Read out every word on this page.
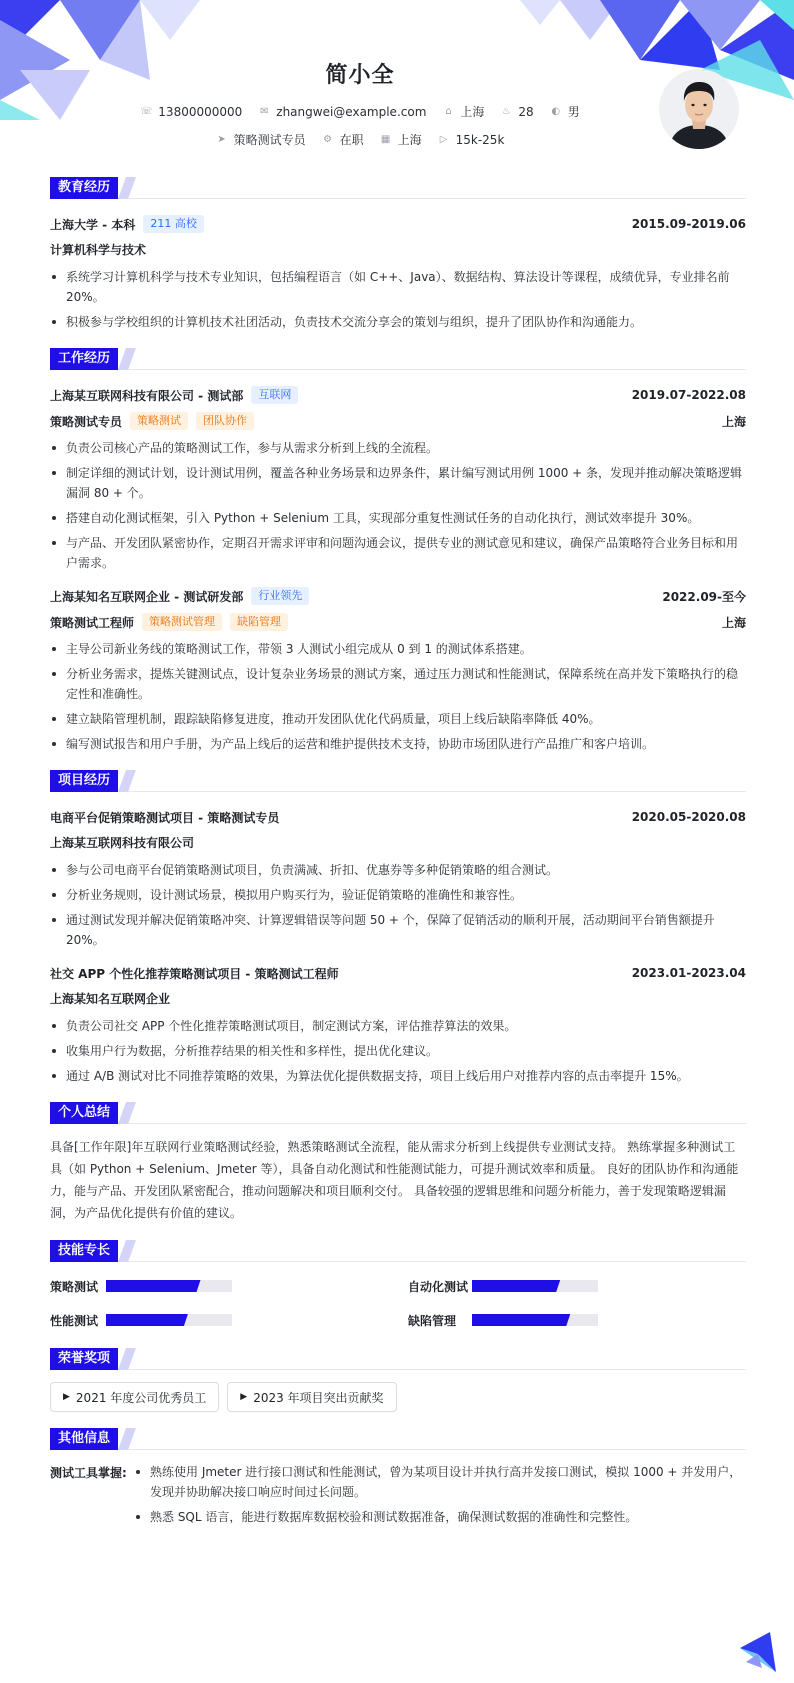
简小全
☏ 13800000000 ✉ zhangwei@example.com ⌂ 上海 ♨ 28 ◐ 男
➤ 策略测试专员 ⚙ 在职 ▦ 上海 ▷ 15k-25k
教育经历
上海大学 - 本科	211 高校	2015.09-2019.06
计算机科学与技术
系统学习计算机科学与技术专业知识，包括编程语言（如 C++、Java）、数据结构、算法设计等课程，成绩优异，专业排名前 20%。
积极参与学校组织的计算机技术社团活动，负责技术交流分享会的策划与组织，提升了团队协作和沟通能力。
工作经历
上海某互联网科技有限公司 - 测试部	互联网	2019.07-2022.08
策略测试专员	策略测试	团队协作	上海
负责公司核心产品的策略测试工作，参与从需求分析到上线的全流程。
制定详细的测试计划，设计测试用例，覆盖各种业务场景和边界条件，累计编写测试用例 1000 + 条，发现并推动解决策略逻辑漏洞 80 + 个。
搭建自动化测试框架，引入 Python + Selenium 工具，实现部分重复性测试任务的自动化执行，测试效率提升 30%。
与产品、开发团队紧密协作，定期召开需求评审和问题沟通会议，提供专业的测试意见和建议，确保产品策略符合业务目标和用户需求。
上海某知名互联网企业 - 测试研发部	行业领先	2022.09-至今
策略测试工程师	策略测试管理	缺陷管理	上海
主导公司新业务线的策略测试工作，带领 3 人测试小组完成从 0 到 1 的测试体系搭建。
分析业务需求，提炼关键测试点，设计复杂业务场景的测试方案，通过压力测试和性能测试，保障系统在高并发下策略执行的稳定性和准确性。
建立缺陷管理机制，跟踪缺陷修复进度，推动开发团队优化代码质量，项目上线后缺陷率降低 40%。
编写测试报告和用户手册，为产品上线后的运营和维护提供技术支持，协助市场团队进行产品推广和客户培训。
项目经历
电商平台促销策略测试项目 - 策略测试专员	2020.05-2020.08
上海某互联网科技有限公司
参与公司电商平台促销策略测试项目，负责满减、折扣、优惠券等多种促销策略的组合测试。
分析业务规则，设计测试场景，模拟用户购买行为，验证促销策略的准确性和兼容性。
通过测试发现并解决促销策略冲突、计算逻辑错误等问题 50 + 个，保障了促销活动的顺利开展，活动期间平台销售额提升 20%。
社交 APP 个性化推荐策略测试项目 - 策略测试工程师	2023.01-2023.04
上海某知名互联网企业
负责公司社交 APP 个性化推荐策略测试项目，制定测试方案，评估推荐算法的效果。
收集用户行为数据，分析推荐结果的相关性和多样性，提出优化建议。
通过 A/B 测试对比不同推荐策略的效果，为算法优化提供数据支持，项目上线后用户对推荐内容的点击率提升 15%。
个人总结

具备[工作年限]年互联网行业策略测试经验，熟悉策略测试全流程，能从需求分析到上线提供专业测试支持。 熟练掌握多种测试工具（如 Python + Selenium、Jmeter 等），具备自动化测试和性能测试能力，可提升测试效率和质量。 良好的团队协作和沟通能力，能与产品、开发团队紧密配合，推动问题解决和项目顺利交付。 具备较强的逻辑思维和问题分析能力，善于发现策略逻辑漏洞，为产品优化提供有价值的建议。

技能专长
策略测试	自动化测试
性能测试	缺陷管理
荣誉奖项
▶ 2021 年度公司优秀员工	▶ 2023 年项目突出贡献奖
其他信息
测试工具掌握:	熟练使用 Jmeter 进行接口测试和性能测试，曾为某项目设计并执行高并发接口测试，模拟 1000 + 并发用户，发现并协助解决接口响应时间过长问题。
熟悉 SQL 语言，能进行数据库数据校验和测试数据准备，确保测试数据的准确性和完整性。
